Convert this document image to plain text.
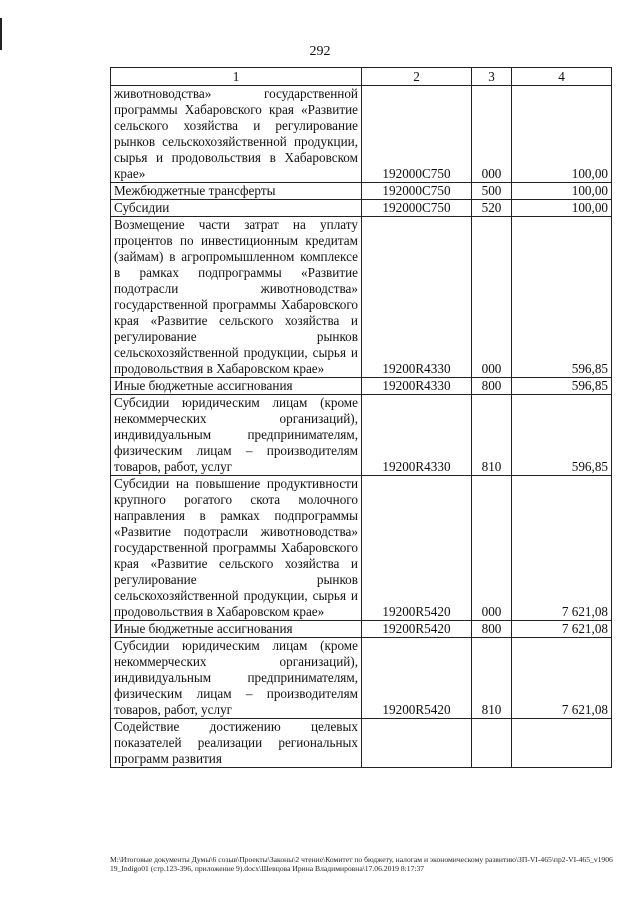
292
1	2	3	4
животноводства» государственной программы Хабаровского края «Развитие сельского хозяйства и регулирование рынков сельскохозяйственной продукции, сырья и продовольствия в Хабаровском крае»	192000С750	000	100,00
Межбюджетные трансферты	192000С750	500	100,00
Субсидии	192000С750	520	100,00
Возмещение части затрат на уплату процентов по инвестиционным кредитам (займам) в агропромышленном комплексе в рамках подпрограммы «Развитие подотрасли животноводства» государственной программы Хабаровского края «Развитие сельского хозяйства и регулирование рынков сельскохозяйственной продукции, сырья и продовольствия в Хабаровском крае»	19200R4330	000	596,85
Иные бюджетные ассигнования	19200R4330	800	596,85
Субсидии юридическим лицам (кроме некоммерческих организаций), индивидуальным предпринимателям, физическим лицам – производителям товаров, работ, услуг	19200R4330	810	596,85
Субсидии на повышение продуктивности крупного рогатого скота молочного направления в рамках подпрограммы «Развитие подотрасли животноводства» государственной программы Хабаровского края «Развитие сельского хозяйства и регулирование рынков сельскохозяйственной продукции, сырья и продовольствия в Хабаровском крае»	19200R5420	000	7 621,08
Иные бюджетные ассигнования	19200R5420	800	7 621,08
Субсидии юридическим лицам (кроме некоммерческих организаций), индивидуальным предпринимателям, физическим лицам – производителям товаров, работ, услуг	19200R5420	810	7 621,08
Содействие достижению целевых показателей реализации региональных программ развития			
M:\Итоговые документы Думы\6 созыв\Проекты\Законы\2 чтение\Комитет по бюджету, налогам и экономическому развитию\ЗП-VI-465\пр2-VI-465_v190619_Indigo01 (стр.123-396, приложение 9).docx\Шевцова Ирина Владимировна\17.06.2019 8:17:37
